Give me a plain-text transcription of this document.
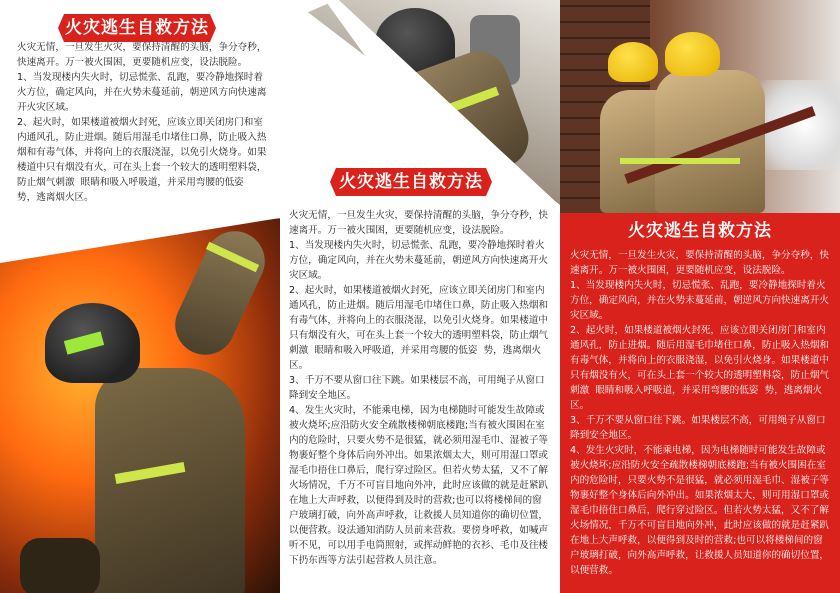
火灾逃生自救方法
火灾无情，一旦发生火灾，要保持清醒的头脑，争分夺秒，快速离开。万一被火围困，更要随机应变，设法脱险。
1、当发现楼内失火时，切忌慌张、乱跑，要冷静地探时着火方位，确定风向，并在火势未蔓延前，朝逆风方向快速离开火灾区域。
2、起火时，如果楼道被烟火封死，应该立即关闭房门和室内通风孔，防止进烟。随后用湿毛巾堵住口鼻，防止吸入热烟和有毒气体，并将向上的衣服浇湿，以免引火烧身。如果楼道中只有烟没有火，可在头上套一个较大的透明塑料袋，防止烟气刺激  眼睛和吸入呼吸道，并采用弯腰的低姿  势，逃离烟火区。
火灾逃生自救方法
火灾无情，一旦发生火灾，要保持清醒的头脑，争分夺秒，快速离开。万一被火围困，更要随机应变，设法脱险。
1、当发现楼内失火时，切忌慌张、乱跑，要冷静地探时着火方位，确定风向，并在火势未蔓延前，朝逆风方向快速离开火灾区域。
2、起火时，如果楼道被烟火封死，应该立即关闭房门和室内通风孔，防止进烟。随后用湿毛巾堵住口鼻，防止吸入热烟和有毒气体，并将向上的衣服浇湿，以免引火烧身。如果楼道中只有烟没有火，可在头上套一个较大的透明塑料袋，防止烟气刺激  眼睛和吸入呼吸道，并采用弯腰的低姿  势，逃离烟火区。
3、千万不要从窗口往下跳。如果楼层不高，可用绳子从窗口降到安全地区。
4、发生火灾时，不能乘电梯，因为电梯随时可能发生故障或被火烧坏;应沿防火安全疏散楼梯朝底楼跑;当有被火围困在室内的危险时，只要火势不是很猛，就必须用湿毛巾、湿被子等物裹好整个身体后向外冲出。如果浓烟太大，则可用湿口罩或湿毛巾捂住口鼻后，爬行穿过险区。但若火势太猛，又不了解火场情况，千万不可盲目地向外冲，此时应该做的就是赶紧趴在地上大声呼救，以便得到及时的营救;也可以将楼梯间的窗户玻璃打破，向外高声呼救，让救援人员知道你的确切位置，以便营救。设法通知消防人员前来营救。要傍身呼救，如喊声听不见，可以用手电筒照射，或挥动鲜艳的衣衫、毛巾及往楼下扔东西等方法引起营救人员注意。
火灾逃生自救方法
火灾无情，一旦发生火灾，要保持清醒的头脑，争分夺秒，快速离开。万一被火围困，更要随机应变，设法脱险。
1、当发现楼内失火时，切忌慌张、乱跑，要冷静地探时着火方位，确定风向，并在火势未蔓延前，朝逆风方向快速离开火灾区域。
2、起火时，如果楼道被烟火封死，应该立即关闭房门和室内通风孔，防止进烟。随后用湿毛巾堵住口鼻，防止吸入热烟和有毒气体，并将向上的衣服浇湿，以免引火烧身。如果楼道中只有烟没有火，可在头上套一个较大的透明塑料袋，防止烟气刺激  眼睛和吸入呼吸道，并采用弯腰的低姿  势，逃离烟火区。
3、千万不要从窗口往下跳。如果楼层不高，可用绳子从窗口降到安全地区。
4、发生火灾时，不能乘电梯，因为电梯随时可能发生故障或被火烧坏;应沿防火安全疏散楼梯朝底楼跑;当有被火围困在室内的危险时，只要火势不是很猛，就必须用湿毛巾、湿被子等物裹好整个身体后向外冲出。如果浓烟太大，则可用湿口罩或湿毛巾捂住口鼻后，爬行穿过险区。但若火势太猛，又不了解火场情况，千万不可盲目地向外冲，此时应该做的就是赶紧趴在地上大声呼救，以便得到及时的营救;也可以将楼梯间的窗户玻璃打破，向外高声呼救，让救援人员知道你的确切位置，以便营救。
